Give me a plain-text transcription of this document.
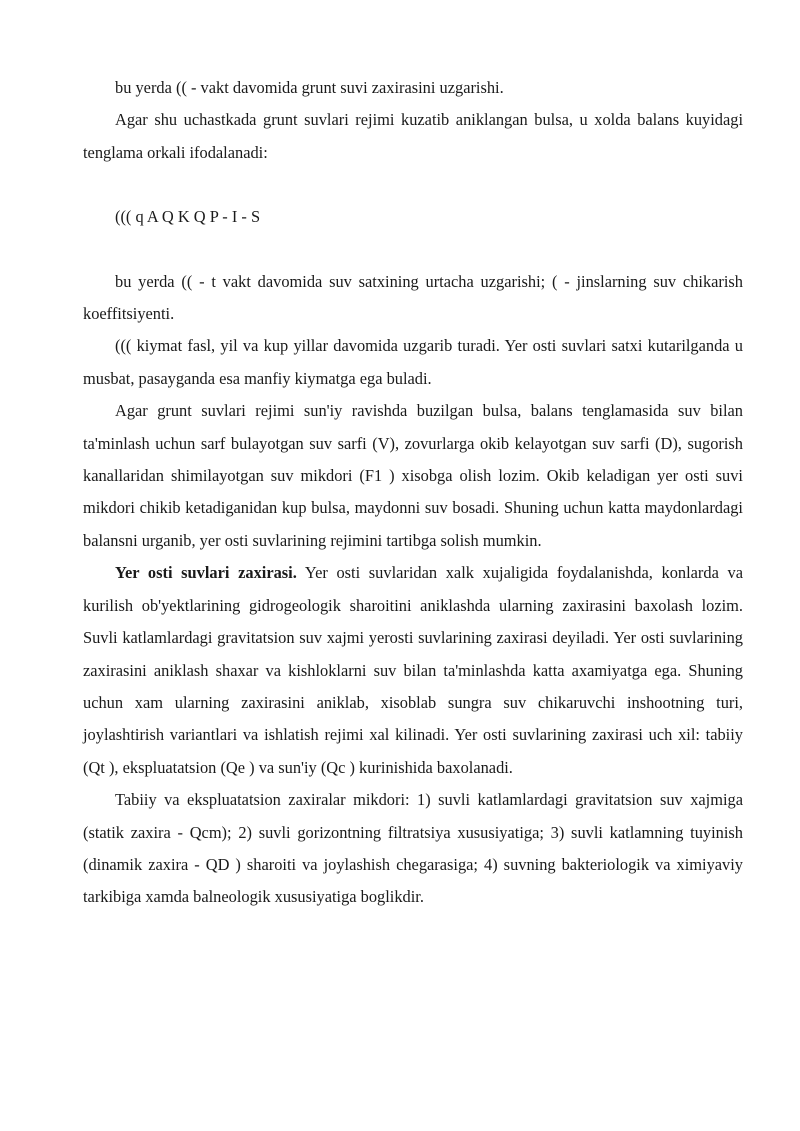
bu yerda (( - vakt davomida grunt suvi zaxirasini uzgarishi.

Agar shu uchastkada grunt suvlari rejimi kuzatib aniklangan bulsa, u xolda balans kuyidagi tenglama orkali ifodalanadi:

((( q A Q K Q P - I - S

bu yerda (( - t vakt davomida suv satxining urtacha uzgarishi; ( - jinslarning suv chikarish koeffitsiyenti.

((( kiymat fasl, yil va kup yillar davomida uzgarib turadi. Yer osti suvlari satxi kutarilganda u musbat, pasayganda esa manfiy kiymatga ega buladi.

Agar grunt suvlari rejimi sun'iy ravishda buzilgan bulsa, balans tenglamasida suv bilan ta'minlash uchun sarf bulayotgan suv sarfi (V), zovurlarga okib kelayotgan suv sarfi (D), sugorish kanallaridan shimilayotgan suv mikdori (F1 ) xisobga olish lozim. Okib keladigan yer osti suvi mikdori chikib ketadiganidan kup bulsa, maydonni suv bosadi. Shuning uchun katta maydonlardagi balansni urganib, yer osti suvlarining rejimini tartibga solish mumkin.

Yer osti suvlari zaxirasi. Yer osti suvlaridan xalk xujaligida foydalanishda, konlarda va kurilish ob'yektlarining gidrogeologik sharoitini aniklashda ularning zaxirasini baxolash lozim. Suvli katlamlardagi gravitatsion suv xajmi yerosti suvlarining zaxirasi deyiladi. Yer osti suvlarining zaxirasini aniklash shaxar va kishloklarni suv bilan ta'minlashda katta axamiyatga ega. Shuning uchun xam ularning zaxirasini aniklab, xisoblab sungra suv chikaruvchi inshootning turi, joylashtirish variantlari va ishlatish rejimi xal kilinadi. Yer osti suvlarining zaxirasi uch xil: tabiiy (Qt ), ekspluatatsion (Qe ) va sun'iy (Qc ) kurinishida baxolanadi.

Tabiiy va ekspluatatsion zaxiralar mikdori: 1) suvli katlamlardagi gravitatsion suv xajmiga (statik zaxira - Qcm); 2) suvli gorizontning filtratsiya xususiyatiga; 3) suvli katlamning tuyinish (dinamik zaxira - QD ) sharoiti va joylashish chegarasiga; 4) suvning bakteriologik va ximiyaviy tarkibiga xamda balneologik xususiyatiga boglikdir.
